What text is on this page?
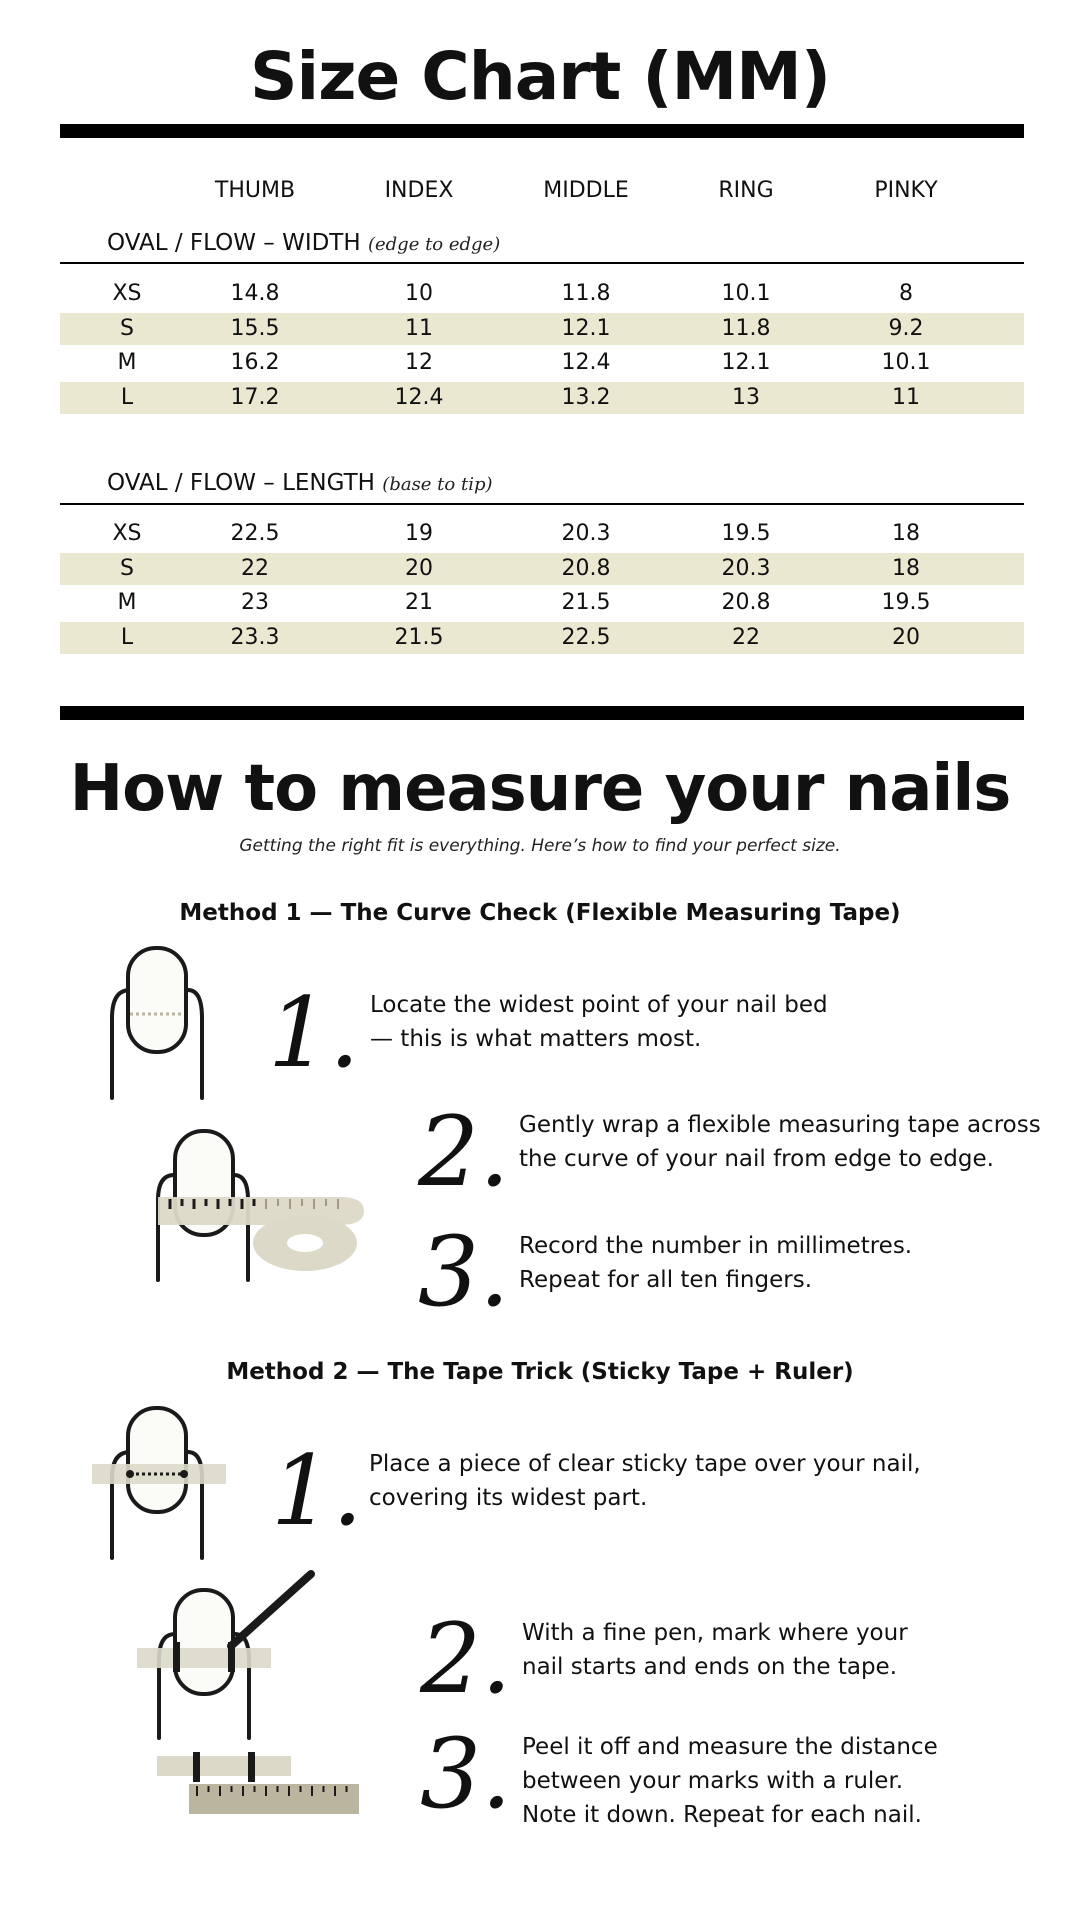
Size Chart (MM)
THUMB	INDEX	MIDDLE	RING	PINKY
OVAL / FLOW – WIDTH (edge to edge)
XS	14.8	10	11.8	10.1	8
S	15.5	11	12.1	11.8	9.2
M	16.2	12	12.4	12.1	10.1
L	17.2	12.4	13.2	13	11
OVAL / FLOW – LENGTH (base to tip)
XS	22.5	19	20.3	19.5	18
S	22	20	20.8	20.3	18
M	23	21	21.5	20.8	19.5
L	23.3	21.5	22.5	22	20
How to measure your nails
Getting the right fit is everything. Here’s how to find your perfect size.
Method 1 — The Curve Check (Flexible Measuring Tape)
1. Locate the widest point of your nail bed
— this is what matters most.
2. Gently wrap a flexible measuring tape across
the curve of your nail from edge to edge.
3. Record the number in millimetres.
Repeat for all ten fingers.
Method 2 — The Tape Trick (Sticky Tape + Ruler)
1. Place a piece of clear sticky tape over your nail,
covering its widest part.
2. With a fine pen, mark where your
nail starts and ends on the tape.
3. Peel it off and measure the distance
between your marks with a ruler.
Note it down. Repeat for each nail.
